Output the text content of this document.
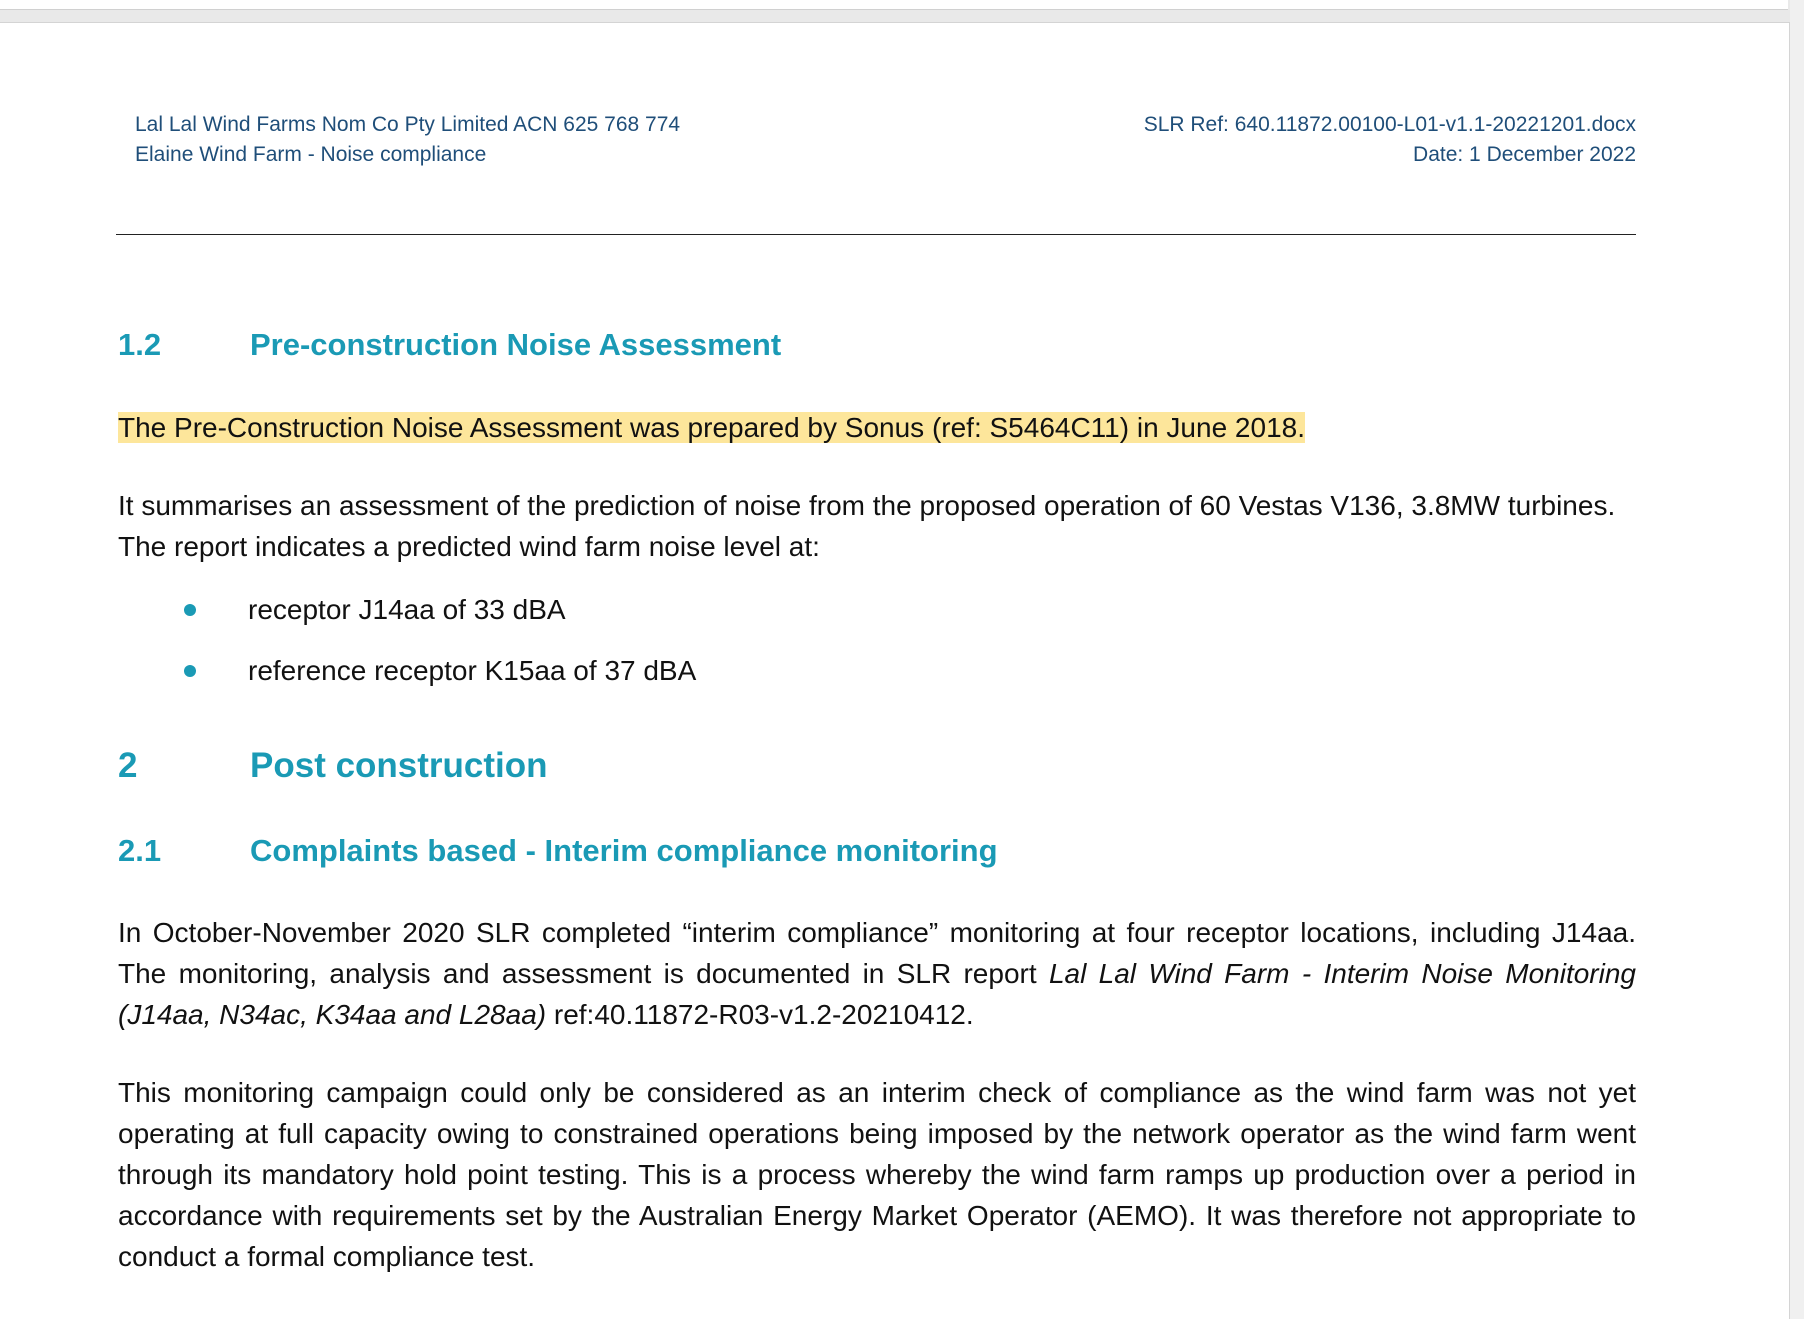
Lal Lal Wind Farms Nom Co Pty Limited ACN 625 768 774
Elaine Wind Farm - Noise compliance
SLR Ref: 640.11872.00100-L01-v1.1-20221201.docx
Date: 1 December 2022
1.2	Pre-construction Noise Assessment
The Pre-Construction Noise Assessment was prepared by Sonus (ref: S5464C11) in June 2018.
It summarises an assessment of the prediction of noise from the proposed operation of 60 Vestas V136, 3.8MW turbines. The report indicates a predicted wind farm noise level at:
receptor J14aa of 33 dBA
reference receptor K15aa of 37 dBA
2	Post construction
2.1	Complaints based - Interim compliance monitoring
In October-November 2020 SLR completed “interim compliance” monitoring at four receptor locations, including J14aa. The monitoring, analysis and assessment is documented in SLR report Lal Lal Wind Farm - Interim Noise Monitoring (J14aa, N34ac, K34aa and L28aa) ref:40.11872-R03-v1.2-20210412.
This monitoring campaign could only be considered as an interim check of compliance as the wind farm was not yet operating at full capacity owing to constrained operations being imposed by the network operator as the wind farm went through its mandatory hold point testing. This is a process whereby the wind farm ramps up production over a period in accordance with requirements set by the Australian Energy Market Operator (AEMO). It was therefore not appropriate to conduct a formal compliance test.
